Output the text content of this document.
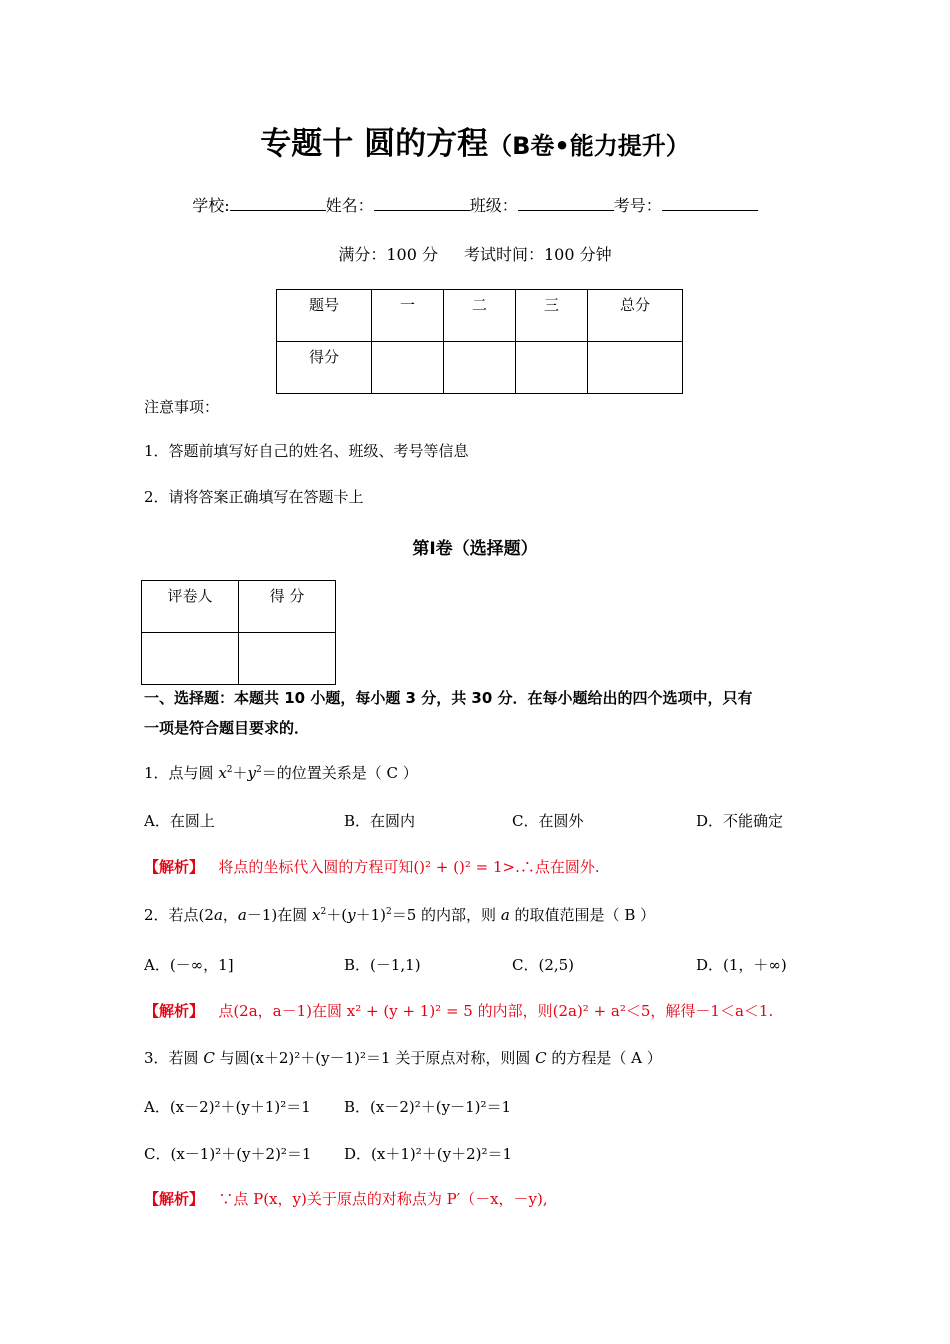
专题十 圆的方程（B卷•能力提升）
学校:	姓名：	班级：	考号：
满分：100 分 考试时间：100 分钟
题号	一	二	三	总分
得分				
注意事项：
1．答题前填写好自己的姓名、班级、考号等信息
2．请将答案正确填写在答题卡上
第Ⅰ卷（选择题）
评卷人	得 分

一、选择题：本题共 10 小题，每小题 3 分，共 30 分．在每小题给出的四个选项中，只有
一项是符合题目要求的．
1．点与圆 $x^2+y^2=$的位置关系是（ C ）
A．在圆上	B．在圆内	C．在圆外	D．不能确定
【解析】 将点的坐标代入圆的方程可知()² + ()² = 1>.∴点在圆外.
2．若点(2a，a－1)在圆 $x^2+(y+1)^2=5$ 的内部，则 a 的取值范围是（ B ）
A．(－∞，1]	B．(－1,1)	C．(2,5)	D．(1，＋∞)
【解析】 点(2a，a－1)在圆 x² + (y + 1)² = 5 的内部，则(2a)² + a²＜5，解得－1＜a＜1.
3．若圆 C 与圆(x＋2)²＋(y－1)²＝1 关于原点对称，则圆 C 的方程是（ A ）
A．(x－2)²＋(y＋1)²＝1 B．(x－2)²＋(y－1)²＝1
C．(x－1)²＋(y＋2)²＝1 D．(x＋1)²＋(y＋2)²＝1
【解析】 ∵点 P(x，y)关于原点的对称点为 P′（－x，－y),
